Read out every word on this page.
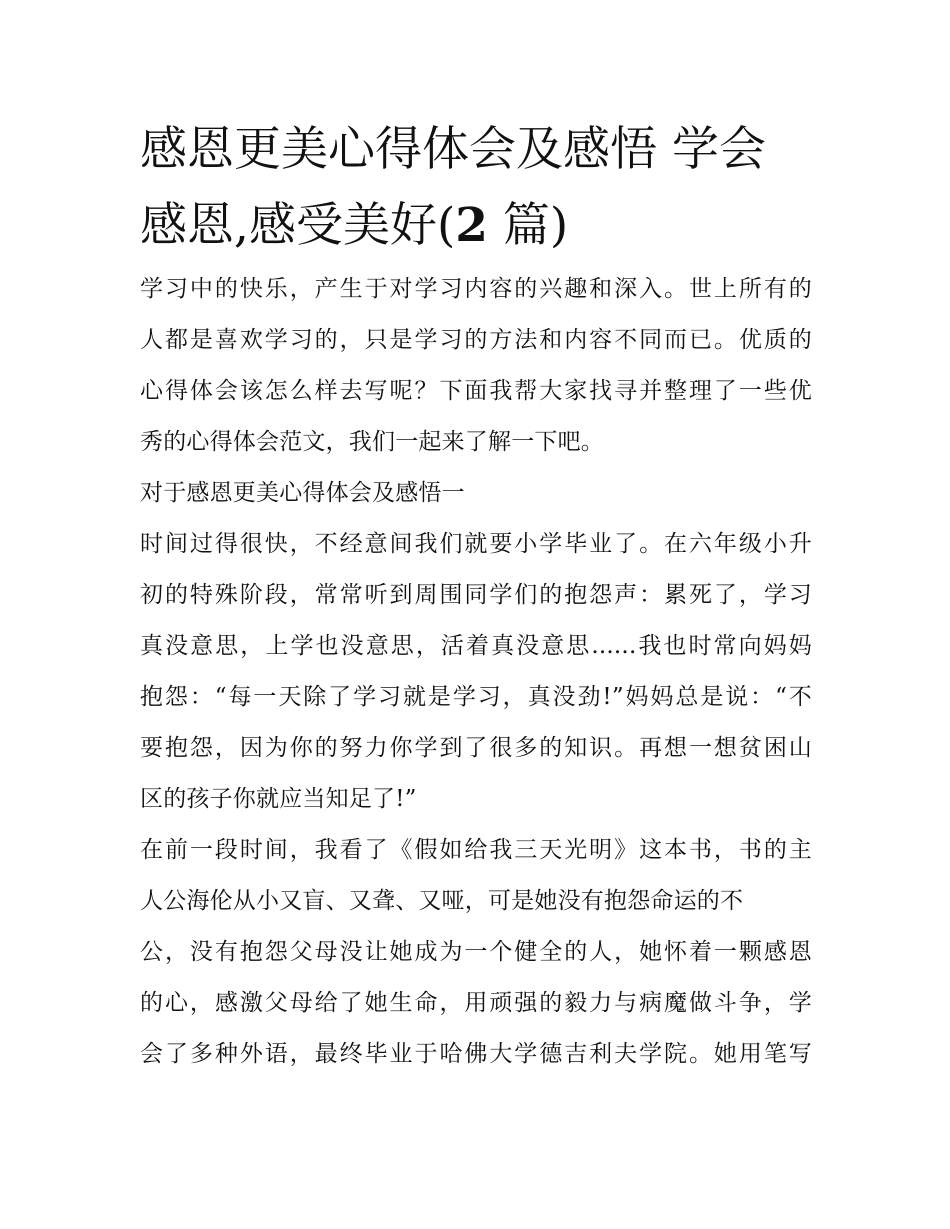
感恩更美心得体会及感悟 学会
感恩,感受美好(2 篇)
学习中的快乐，产生于对学习内容的兴趣和深入。世上所有的
人都是喜欢学习的，只是学习的方法和内容不同而已。优质的
心得体会该怎么样去写呢？下面我帮大家找寻并整理了一些优
秀的心得体会范文，我们一起来了解一下吧。
对于感恩更美心得体会及感悟一
时间过得很快，不经意间我们就要小学毕业了。在六年级小升
初的特殊阶段，常常听到周围同学们的抱怨声：累死了，学习
真没意思，上学也没意思，活着真没意思......我也时常向妈妈
抱怨：“每一天除了学习就是学习，真没劲!”妈妈总是说：“不
要抱怨，因为你的努力你学到了很多的知识。再想一想贫困山
区的孩子你就应当知足了!”
在前一段时间，我看了《假如给我三天光明》这本书，书的主
人公海伦从小又盲、又聋、又哑，可是她没有抱怨命运的不
公，没有抱怨父母没让她成为一个健全的人，她怀着一颗感恩
的心，感激父母给了她生命，用顽强的毅力与病魔做斗争，学
会了多种外语，最终毕业于哈佛大学德吉利夫学院。她用笔写
